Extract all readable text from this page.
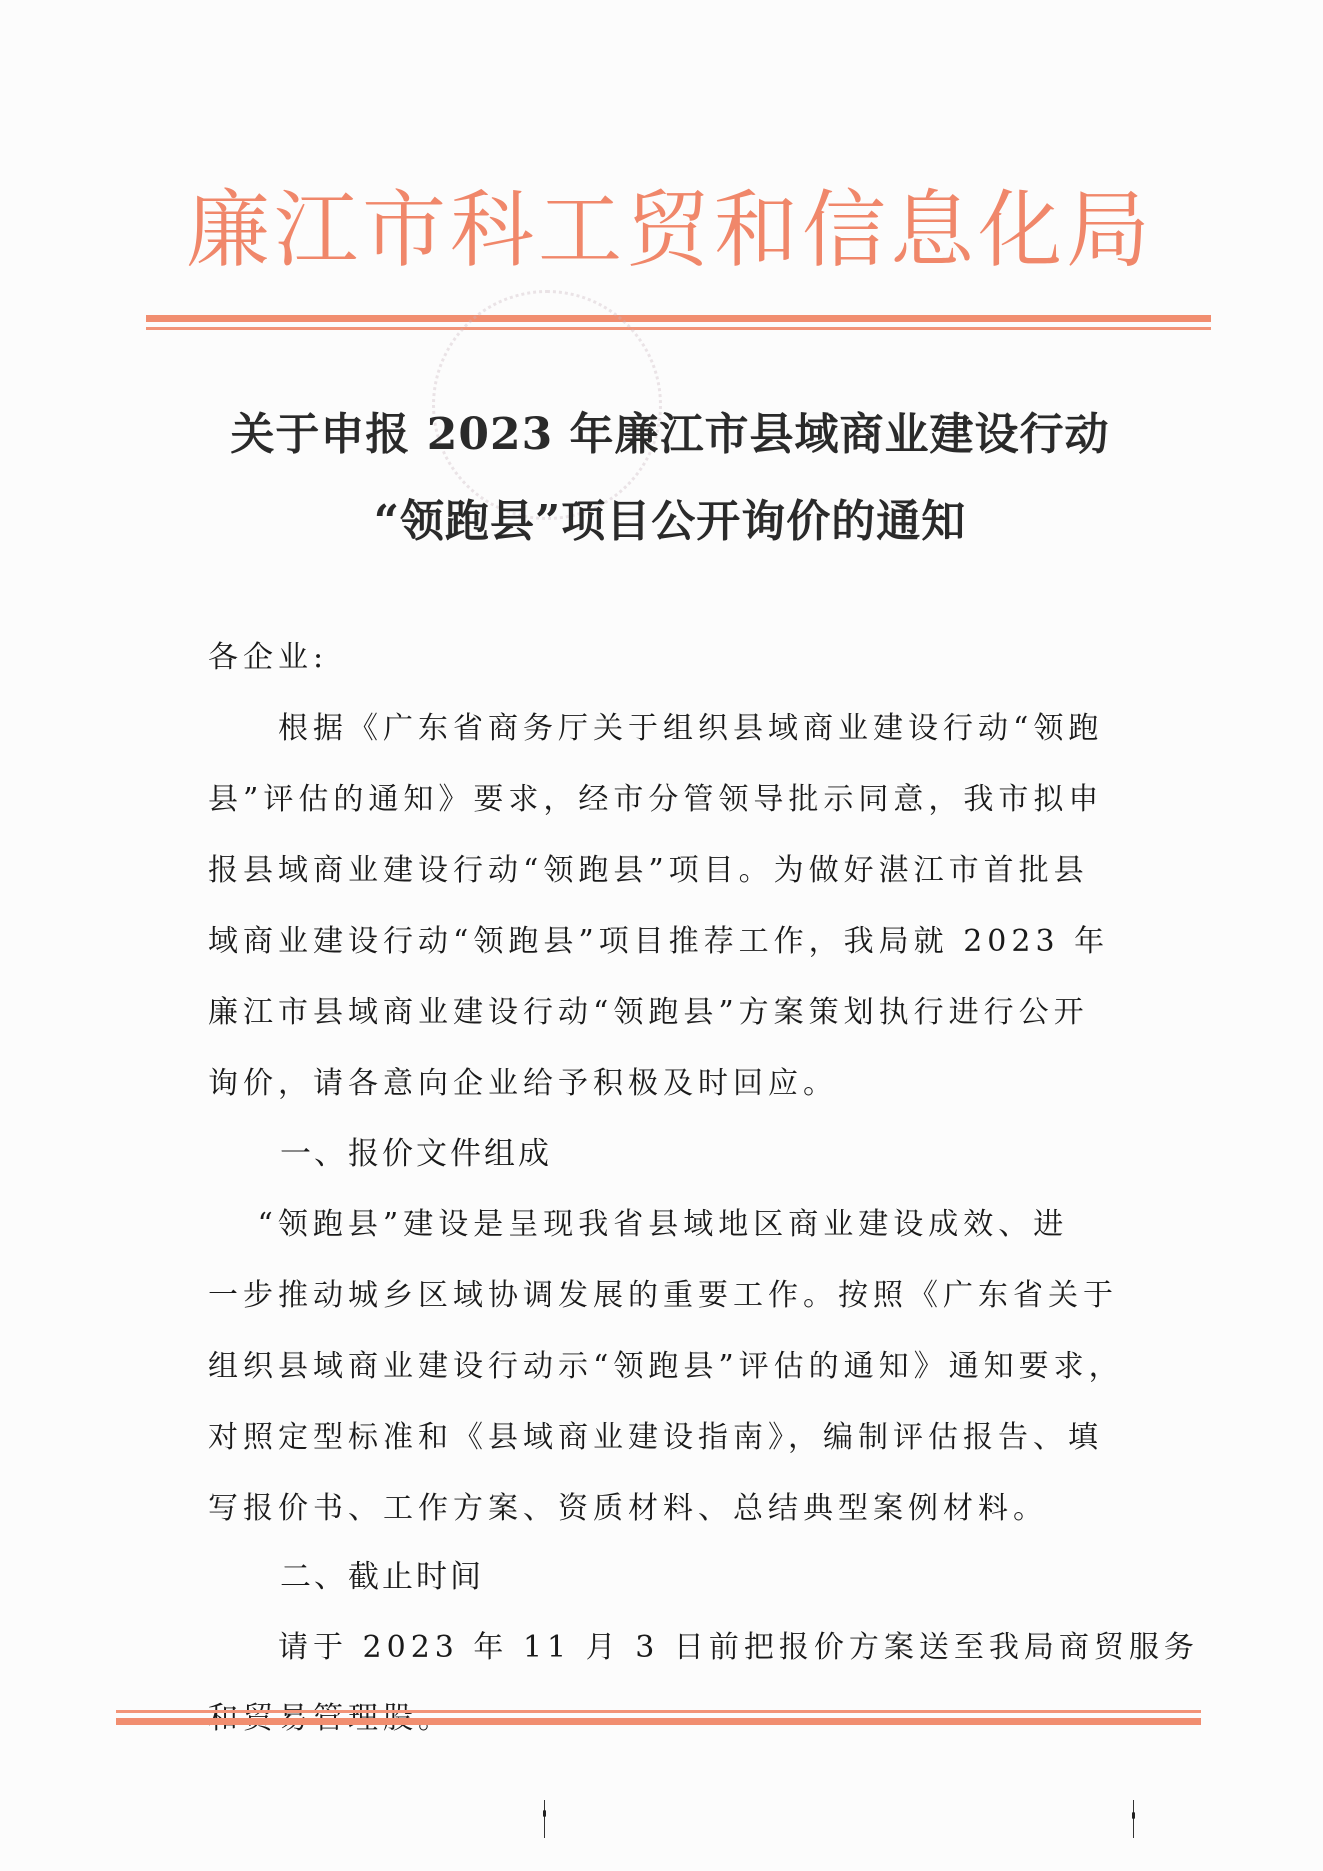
廉江市科工贸和信息化局
关于申报 2023 年廉江市县域商业建设行动
“领跑县”项目公开询价的通知
各企业:
　　根据《广东省商务厅关于组织县域商业建设行动“领跑
县”评估的通知》要求，经市分管领导批示同意，我市拟申
报县域商业建设行动“领跑县”项目。为做好湛江市首批县
域商业建设行动“领跑县”项目推荐工作，我局就 2023 年
廉江市县域商业建设行动“领跑县”方案策划执行进行公开
询价，请各意向企业给予积极及时回应。
一、报价文件组成
　 “领跑县”建设是呈现我省县域地区商业建设成效、进
一步推动城乡区域协调发展的重要工作。按照《广东省关于
组织县域商业建设行动示“领跑县”评估的通知》通知要求，
对照定型标准和《县域商业建设指南》，编制评估报告、填
写报价书、工作方案、资质材料、总结典型案例材料。
二、截止时间
　　请于 2023 年 11 月 3 日前把报价方案送至我局商贸服务
